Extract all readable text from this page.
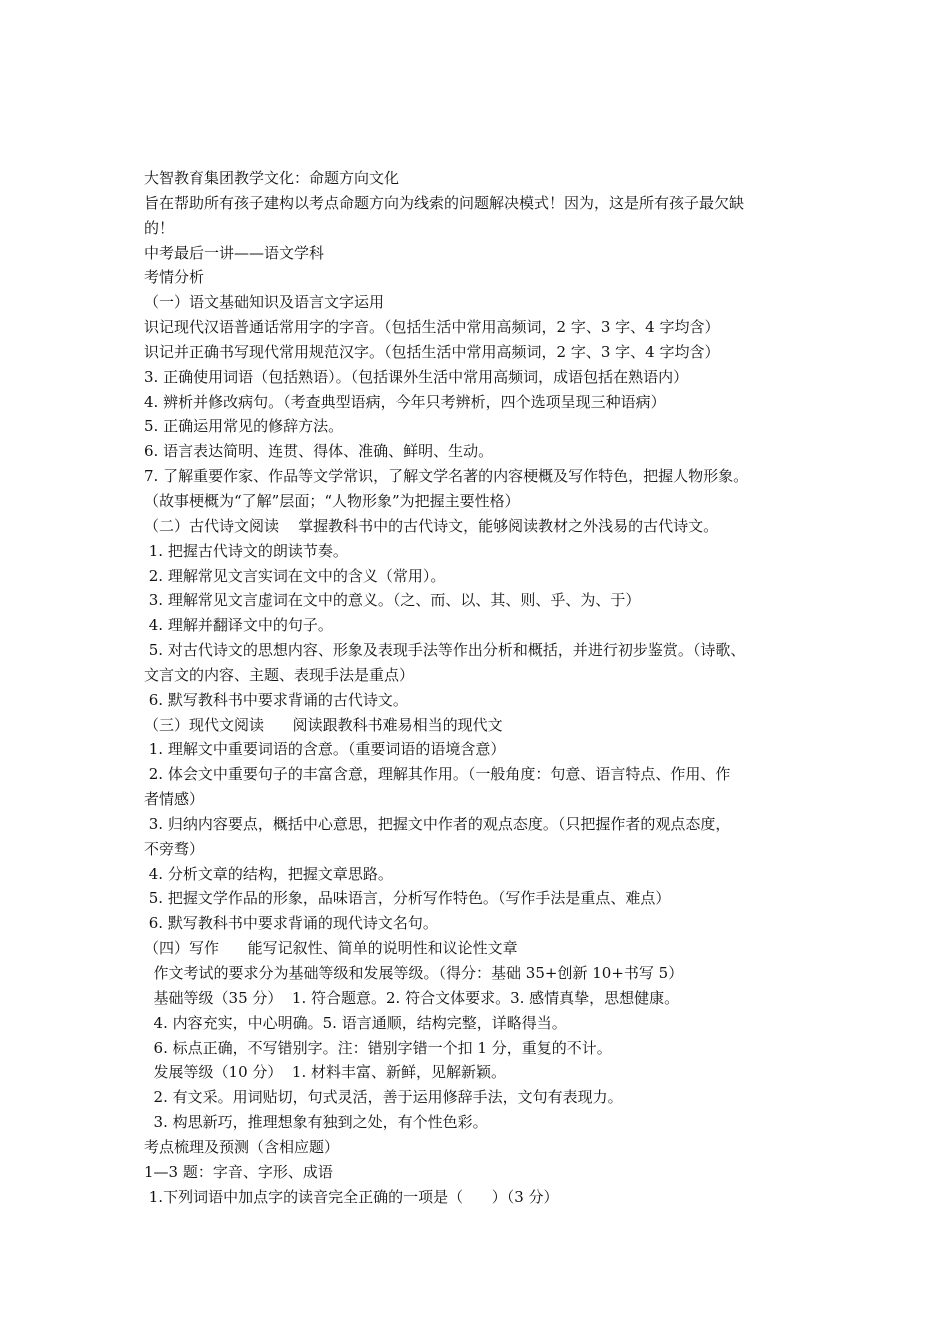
大智教育集团教学文化：命题方向文化
旨在帮助所有孩子建构以考点命题方向为线索的问题解决模式！因为，这是所有孩子最欠缺
的！
中考最后一讲——语文学科
考情分析
（一）语文基础知识及语言文字运用
识记现代汉语普通话常用字的字音。（包括生活中常用高频词，2 字、3 字、4 字均含）
识记并正确书写现代常用规范汉字。（包括生活中常用高频词，2 字、3 字、4 字均含）
3. 正确使用词语（包括熟语）。（包括课外生活中常用高频词，成语包括在熟语内）
4. 辨析并修改病句。（考查典型语病，今年只考辨析，四个选项呈现三种语病）
5. 正确运用常见的修辞方法。
6. 语言表达简明、连贯、得体、准确、鲜明、生动。
7. 了解重要作家、作品等文学常识，了解文学名著的内容梗概及写作特色，把握人物形象。
（故事梗概为“了解”层面；“人物形象”为把握主要性格）
（二）古代诗文阅读    掌握教科书中的古代诗文，能够阅读教材之外浅易的古代诗文。
1. 把握古代诗文的朗读节奏。
2. 理解常见文言实词在文中的含义（常用）。
3. 理解常见文言虚词在文中的意义。（之、而、以、其、则、乎、为、于）
4. 理解并翻译文中的句子。
5. 对古代诗文的思想内容、形象及表现手法等作出分析和概括，并进行初步鉴赏。（诗歌、
文言文的内容、主题、表现手法是重点）
6. 默写教科书中要求背诵的古代诗文。
（三）现代文阅读      阅读跟教科书难易相当的现代文
1. 理解文中重要词语的含意。（重要词语的语境含意）
2. 体会文中重要句子的丰富含意，理解其作用。（一般角度：句意、语言特点、作用、作
者情感）
3. 归纳内容要点，概括中心意思，把握文中作者的观点态度。（只把握作者的观点态度，
不旁骛）
4. 分析文章的结构，把握文章思路。
5. 把握文学作品的形象，品味语言，分析写作特色。（写作手法是重点、难点）
6. 默写教科书中要求背诵的现代诗文名句。
（四）写作      能写记叙性、简单的说明性和议论性文章
作文考试的要求分为基础等级和发展等级。（得分：基础 35+创新 10+书写 5）
基础等级（35 分）  1. 符合题意。2. 符合文体要求。3. 感情真挚，思想健康。
4. 内容充实，中心明确。5. 语言通顺，结构完整，详略得当。
6. 标点正确，不写错别字。注：错别字错一个扣 1 分，重复的不计。
发展等级（10 分）  1. 材料丰富、新鲜，见解新颖。
2. 有文采。用词贴切，句式灵活，善于运用修辞手法，文句有表现力。
3. 构思新巧，推理想象有独到之处，有个性色彩。
考点梳理及预测（含相应题）
1—3 题：字音、字形、成语
1.下列词语中加点字的读音完全正确的一项是（      ）（3 分）
